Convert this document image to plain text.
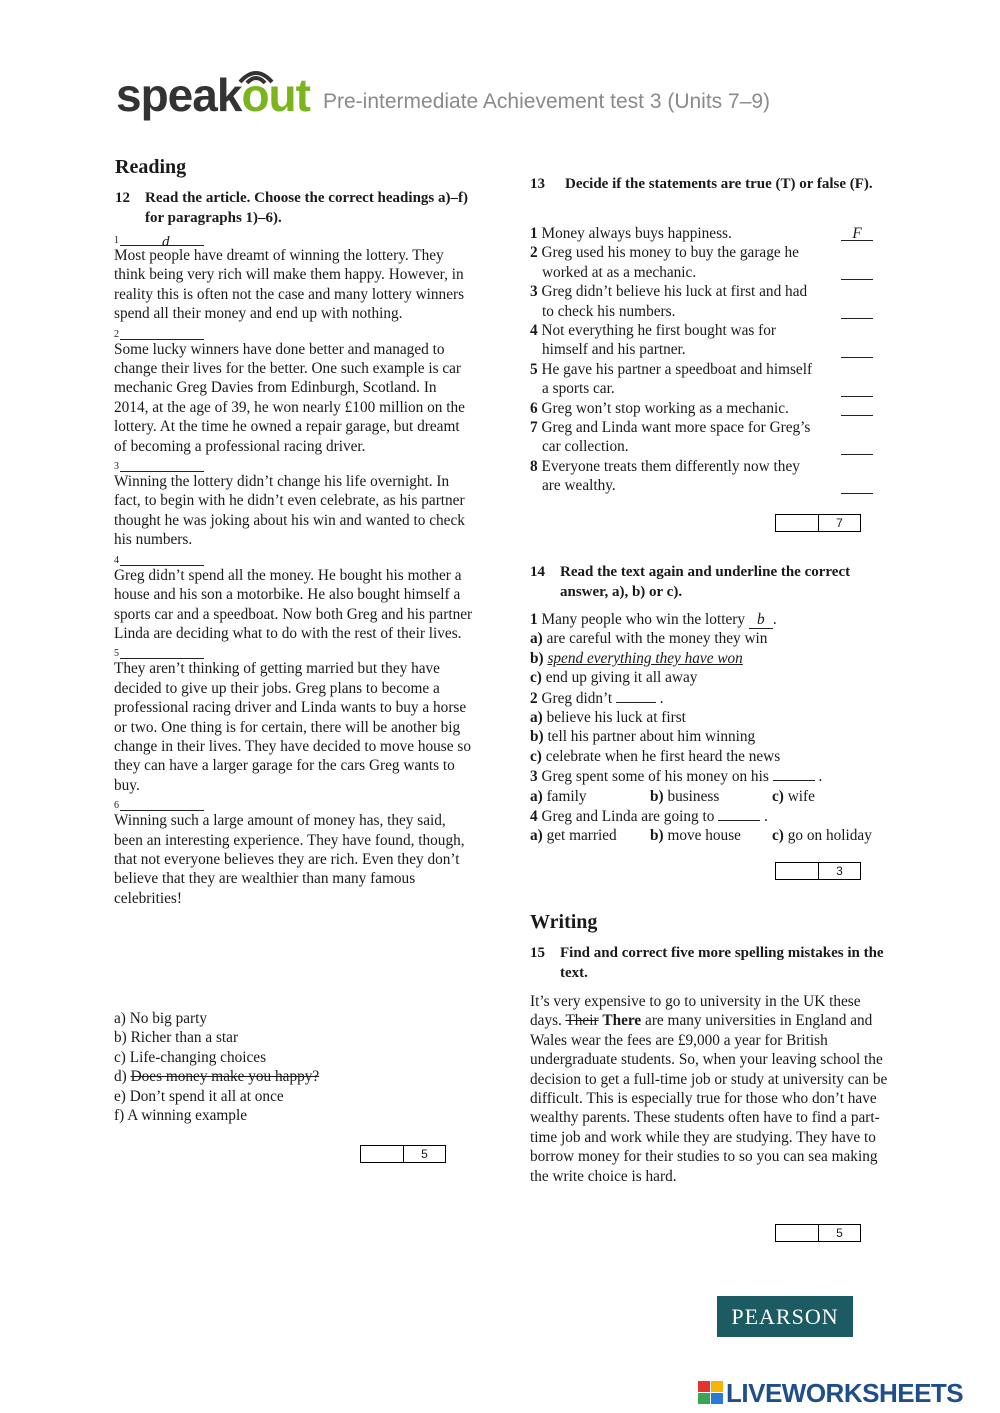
speakout Pre-intermediate Achievement test 3 (Units 7–9)
Reading
12 Read the article. Choose the correct headings a)–f) for paragraphs 1)–6).
1	d
Most people have dreamt of winning the lottery. They think being very rich will make them happy. However, in reality this is often not the case and many lottery winners spend all their money and end up with nothing.
2
Some lucky winners have done better and managed to change their lives for the better. One such example is car mechanic Greg Davies from Edinburgh, Scotland. In 2014, at the age of 39, he won nearly £100 million on the lottery. At the time he owned a repair garage, but dreamt of becoming a professional racing driver.
3
Winning the lottery didn’t change his life overnight. In fact, to begin with he didn’t even celebrate, as his partner thought he was joking about his win and wanted to check his numbers.
4
Greg didn’t spend all the money. He bought his mother a house and his son a motorbike. He also bought himself a sports car and a speedboat. Now both Greg and his partner Linda are deciding what to do with the rest of their lives.
5
They aren’t thinking of getting married but they have decided to give up their jobs. Greg plans to become a professional racing driver and Linda wants to buy a horse or two. One thing is for certain, there will be another big change in their lives. They have decided to move house so they can have a larger garage for the cars Greg wants to buy.
6
Winning such a large amount of money has, they said, been an interesting experience. They have found, though, that not everyone believes they are rich. Even they don’t believe that they are wealthier than many famous celebrities!
a) No big party
b) Richer than a star
c) Life-changing choices
d) Does money make you happy?
e) Don’t spend it all at once
f) A winning example
5
13 Decide if the statements are true (T) or false (F).
1 Money always buys happiness.	F
2 Greg used his money to buy the garage he
worked at as a mechanic.
3 Greg didn’t believe his luck at first and had
to check his numbers.
4 Not everything he first bought was for
himself and his partner.
5 He gave his partner a speedboat and himself
a sports car.
6 Greg won’t stop working as a mechanic.
7 Greg and Linda want more space for Greg’s
car collection.
8 Everyone treats them differently now they
are wealthy.
7
14 Read the text again and underline the correct answer, a), b) or c).
1 Many people who win the lottery b .
a) are careful with the money they win
b) spend everything they have won
c) end up giving it all away
2 Greg didn’t	.
a) believe his luck at first
b) tell his partner about him winning
c) celebrate when he first heard the news
3 Greg spent some of his money on his	.
a) family	b) business	c) wife
4 Greg and Linda are going to	.
a) get married	b) move house	c) go on holiday
3
Writing
15 Find and correct five more spelling mistakes in the text.
It’s very expensive to go to university in the UK these days. Their There are many universities in England and Wales wear the fees are £9,000 a year for British undergraduate students. So, when your leaving school the decision to get a full-time job or study at university can be difficult. This is especially true for those who don’t have wealthy parents. These students often have to find a part-time job and work while they are studying. They have to borrow money for their studies to so you can sea making the write choice is hard.
5
PEARSON
LIVEWORKSHEETS
